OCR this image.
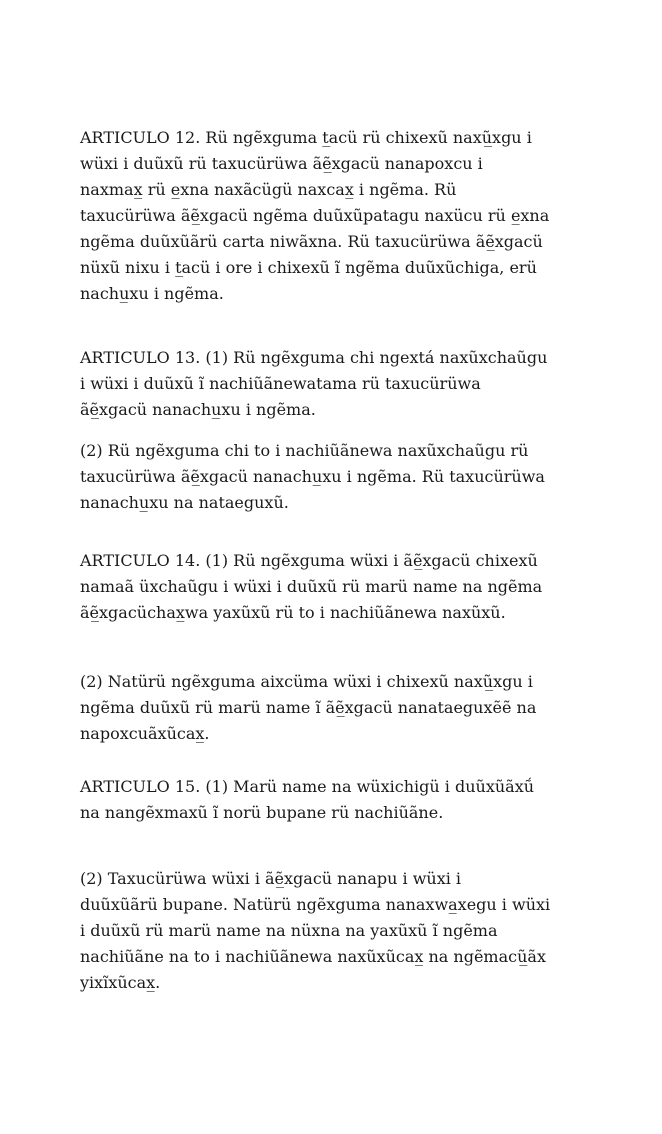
ARTICULO 12. Rü ngẽxguma t̲acü rü chixexũ naxũ̲xgu i
wüxi i duũxũ rü taxucürüwa ãẽ̲xgacü nanapoxcu i
naxmax̲ rü e̲xna naxãcügü naxcax̲ i ngẽma. Rü
taxucürüwa ãẽ̲xgacü ngẽma duũxũpatagu naxücu rü e̲xna
ngẽma duũxũãrü carta niwãxna. Rü taxucürüwa ãẽ̲xgacü
nüxũ nixu i t̲acü i ore i chixexũ ĩ ngẽma duũxũchiga, erü
nachu̲xu i ngẽma.
ARTICULO 13. (1) Rü ngẽxguma chi ngextá naxũxchaũgu
i wüxi i duũxũ ĩ nachiũãnewatama rü taxucürüwa
ãẽ̲xgacü nanachu̲xu i ngẽma.
(2) Rü ngẽxguma chi to i nachiũãnewa naxũxchaũgu rü
taxucürüwa ãẽ̲xgacü nanachu̲xu i ngẽma. Rü taxucürüwa
nanachu̲xu na nataeguxũ.
ARTICULO 14. (1) Rü ngẽxguma wüxi i ãẽ̲xgacü chixexũ
namaã üxchaũgu i wüxi i duũxũ rü marü name na ngẽma
ãẽ̲xgacüchax̲wa yaxũxũ rü to i nachiũãnewa naxũxũ.
(2) Natürü ngẽxguma aixcüma wüxi i chixexũ naxũ̲xgu i
ngẽma duũxũ rü marü name ĩ ãẽ̲xgacü nanataeguxẽẽ na
napoxcuãxũcax̲.
ARTICULO 15. (1) Marü name na wüxichigü i duũxũãxṹ
na nangẽxmaxũ ĩ norü bupane rü nachiũãne.
(2) Taxucürüwa wüxi i ãẽ̲xgacü nanapu i wüxi i
duũxũãrü bupane. Natürü ngẽxguma nanaxwa̲xegu i wüxi
i duũxũ rü marü name na nüxna na yaxũxũ ĩ ngẽma
nachiũãne na to i nachiũãnewa naxũxũcax̲ na ngẽmacũ̲ãx
yixĩxũcax̲.
